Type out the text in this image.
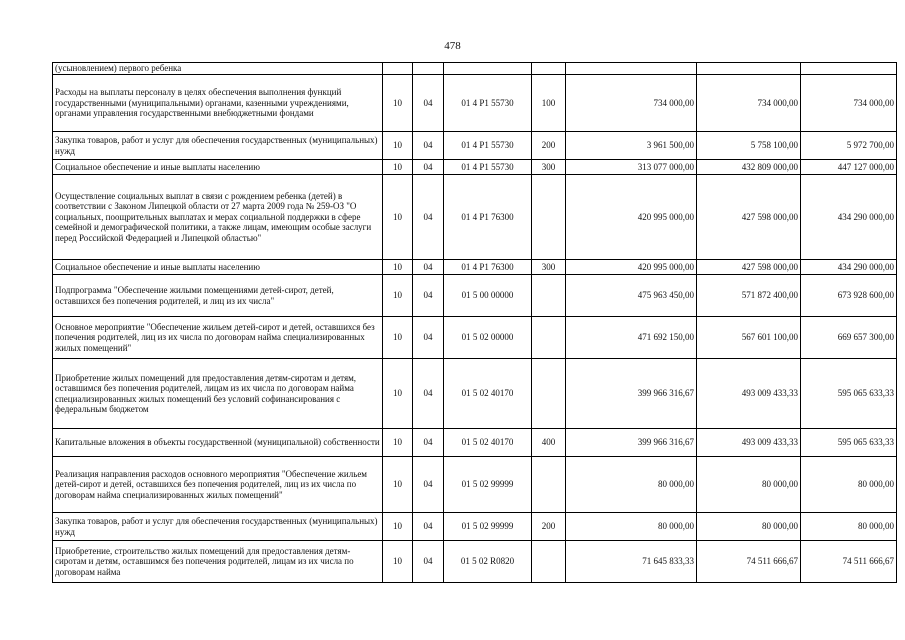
478
(усыновлением) первого ребенка							
Расходы на выплаты персоналу в целях обеспечения выполнения функций государственными (муниципальными) органами, казенными учреждениями, органами управления государственными внебюджетными фондами	10	04	01 4 P1 55730	100	734 000,00	734 000,00	734 000,00
Закупка товаров, работ и услуг для обеспечения государственных (муниципальных) нужд	10	04	01 4 P1 55730	200	3 961 500,00	5 758 100,00	5 972 700,00
Социальное обеспечение и иные выплаты населению	10	04	01 4 P1 55730	300	313 077 000,00	432 809 000,00	447 127 000,00
Осуществление социальных выплат в связи с рождением ребенка (детей) в соответствии с Законом Липецкой области от 27 марта 2009 года № 259-ОЗ "О социальных, поощрительных выплатах и мерах социальной поддержки в сфере семейной и демографической политики, а также лицам, имеющим особые заслуги перед Российской Федерацией и Липецкой областью"	10	04	01 4 P1 76300		420 995 000,00	427 598 000,00	434 290 000,00
Социальное обеспечение и иные выплаты населению	10	04	01 4 P1 76300	300	420 995 000,00	427 598 000,00	434 290 000,00
Подпрограмма "Обеспечение жилыми помещениями детей-сирот, детей, оставшихся без попечения родителей, и лиц из их числа"	10	04	01 5 00 00000		475 963 450,00	571 872 400,00	673 928 600,00
Основное мероприятие "Обеспечение жильем детей-сирот и детей, оставшихся без попечения родителей, лиц из их числа по договорам найма специализированных жилых помещений"	10	04	01 5 02 00000		471 692 150,00	567 601 100,00	669 657 300,00
Приобретение жилых помещений для предоставления детям-сиротам и детям, оставшимся без попечения родителей, лицам из их числа по договорам найма специализированных жилых помещений без условий софинансирования с федеральным бюджетом	10	04	01 5 02 40170		399 966 316,67	493 009 433,33	595 065 633,33
Капитальные вложения в объекты государственной (муниципальной) собственности	10	04	01 5 02 40170	400	399 966 316,67	493 009 433,33	595 065 633,33
Реализация направления расходов основного мероприятия "Обеспечение жильем детей-сирот и детей, оставшихся без попечения родителей, лиц из их числа по договорам найма специализированных жилых помещений"	10	04	01 5 02 99999		80 000,00	80 000,00	80 000,00
Закупка товаров, работ и услуг для обеспечения государственных (муниципальных) нужд	10	04	01 5 02 99999	200	80 000,00	80 000,00	80 000,00
Приобретение, строительство жилых помещений для предоставления детям-сиротам и детям, оставшимся без попечения родителей, лицам из их числа по договорам найма	10	04	01 5 02 R0820		71 645 833,33	74 511 666,67	74 511 666,67
